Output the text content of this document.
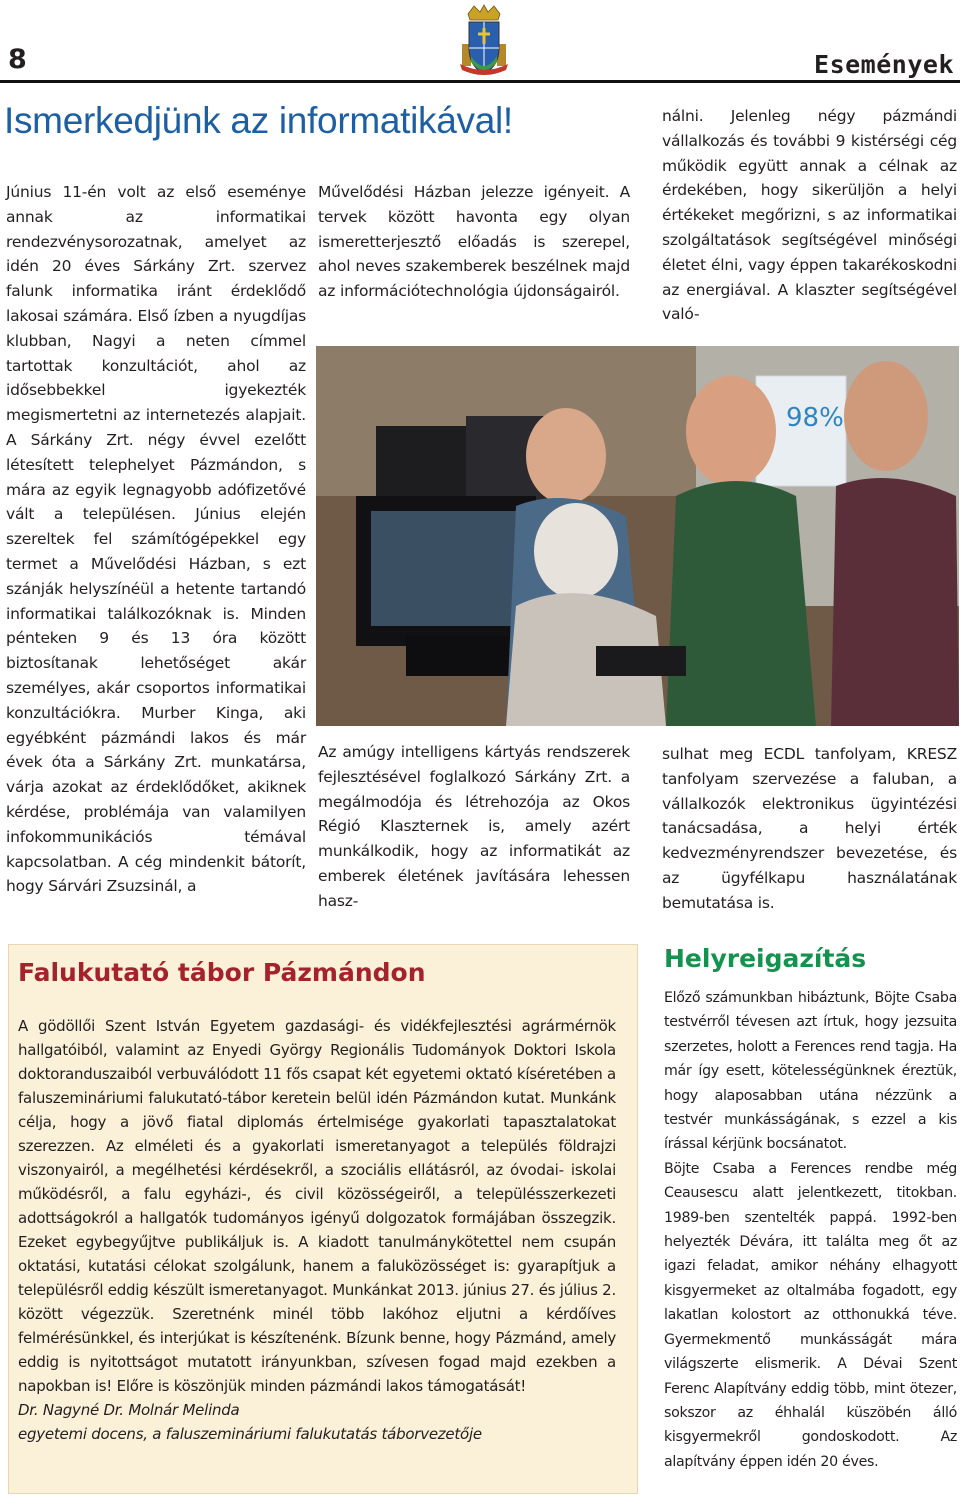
8	Események
Ismerkedjünk az informatikával!

Június 11-én volt az első eseménye annak az informatikai rendezvénysorozatnak, amelyet az idén 20 éves Sárkány Zrt. szervez falunk informatika iránt érdeklődő lakosai számára. Első ízben a nyugdíjas klubban, Nagyi a neten címmel tartottak konzultációt, ahol az idősebbekkel igyekezték megismertetni az internetezés alapjait. A Sárkány Zrt. négy évvel ezelőtt létesített telephelyet Pázmándon, s mára az egyik legnagyobb adófizetővé vált a településen. Június elején szereltek fel számítógépekkel egy termet a Művelődési Házban, s ezt szánják helyszínéül a hetente tartandó informatikai találkozóknak is. Minden pénteken 9 és 13 óra között biztosítanak lehetőséget akár személyes, akár csoportos informatikai konzultációkra. Murber Kinga, aki egyébként pázmándi lakos és már évek óta a Sárkány Zrt. munkatársa, várja azokat az érdeklődőket, akiknek kérdése, problémája van valamilyen infokommunikációs témával kapcsolatban. A cég mindenkit bátorít, hogy Sárvári Zsuzsinál, a

Művelődési Házban jelezze igényeit. A tervek között havonta egy olyan ismeretterjesztő előadás is szerepel, ahol neves szakemberek beszélnek majd az információtechnológia újdonságairól.

nálni. Jelenleg négy pázmándi vállalkozás és további 9 kistérségi cég működik együtt annak a célnak az érdekében, hogy sikerüljön a helyi értékeket megőrizni, s az informatikai szolgáltatások segítségével minőségi életet élni, vagy éppen takarékoskodni az energiával. A klaszter segítségével való-

98%

Az amúgy intelligens kártyás rendszerek fejlesztésével foglalkozó Sárkány Zrt. a megálmodója és létrehozója az Okos Régió Klaszternek is, amely azért munkálkodik, hogy az informatikát az emberek életének javítására lehessen hasz-

sulhat meg ECDL tanfolyam, KRESZ tanfolyam szervezése a faluban, a vállalkozók elektronikus ügyintézési tanácsadása, a helyi érték kedvezményrendszer bevezetése, és az ügyfélkapu használatának bemutatása is.

Falukutató tábor Pázmándon

A gödöllői Szent István Egyetem gazdasági- és vidékfejlesztési agrármérnök hallgatóiból, valamint az Enyedi György Regionális Tudományok Doktori Iskola doktoranduszaiból verbuválódott 11 fős csapat két egyetemi oktató kíséretében a faluszemináriumi falukutató-tábor keretein belül idén Pázmándon kutat. Munkánk célja, hogy a jövő fiatal diplomás értelmisége gyakorlati tapasztalatokat szerezzen. Az elméleti és a gyakorlati ismeretanyagot a település földrajzi viszonyairól, a megélhetési kérdésekről, a szociális ellátásról, az óvodai- iskolai működésről, a falu egyházi-, és civil közösségeiről, a településszerkezeti adottságokról a hallgatók tudományos igényű dolgozatok formájában összegzik. Ezeket egybegyűjtve publikáljuk is. A kiadott tanulmánykötettel nem csupán oktatási, kutatási célokat szolgálunk, hanem a faluközösséget is: gyarapítjuk a településről eddig készült ismeretanyagot. Munkánkat 2013. június 27. és július 2. között végezzük. Szeretnénk minél több lakóhoz eljutni a kérdőíves felmérésünkkel, és interjúkat is készítenénk. Bízunk benne, hogy Pázmánd, amely eddig is nyitottságot mutatott irányunkban, szívesen fogad majd ezekben a napokban is! Előre is köszönjük minden pázmándi lakos támogatását!

Dr. Nagyné Dr. Molnár Melinda

egyetemi docens, a faluszemináriumi falukutatás táborvezetője

Helyreigazítás

Előző számunkban hibáztunk, Böjte Csaba testvérről tévesen azt írtuk, hogy jezsuita szerzetes, holott a Ferences rend tagja. Ha már így esett, kötelességünknek éreztük, hogy alaposabban utána nézzünk a testvér munkásságának, s ezzel a kis írással kérjünk bocsánatot.

Böjte Csaba a Ferences rendbe még Ceausescu alatt jelentkezett, titokban. 1989-ben szentelték pappá. 1992-ben helyezték Dévára, itt találta meg őt az igazi feladat, amikor néhány elhagyott kisgyermeket az oltalmába fogadott, egy lakatlan kolostort az otthonukká téve. Gyermekmentő munkásságát mára világszerte elismerik. A Dévai Szent Ferenc Alapítvány eddig több, mint ötezer, sokszor az éhhalál küszöbén álló kisgyermekről gondoskodott. Az alapítvány éppen idén 20 éves.
